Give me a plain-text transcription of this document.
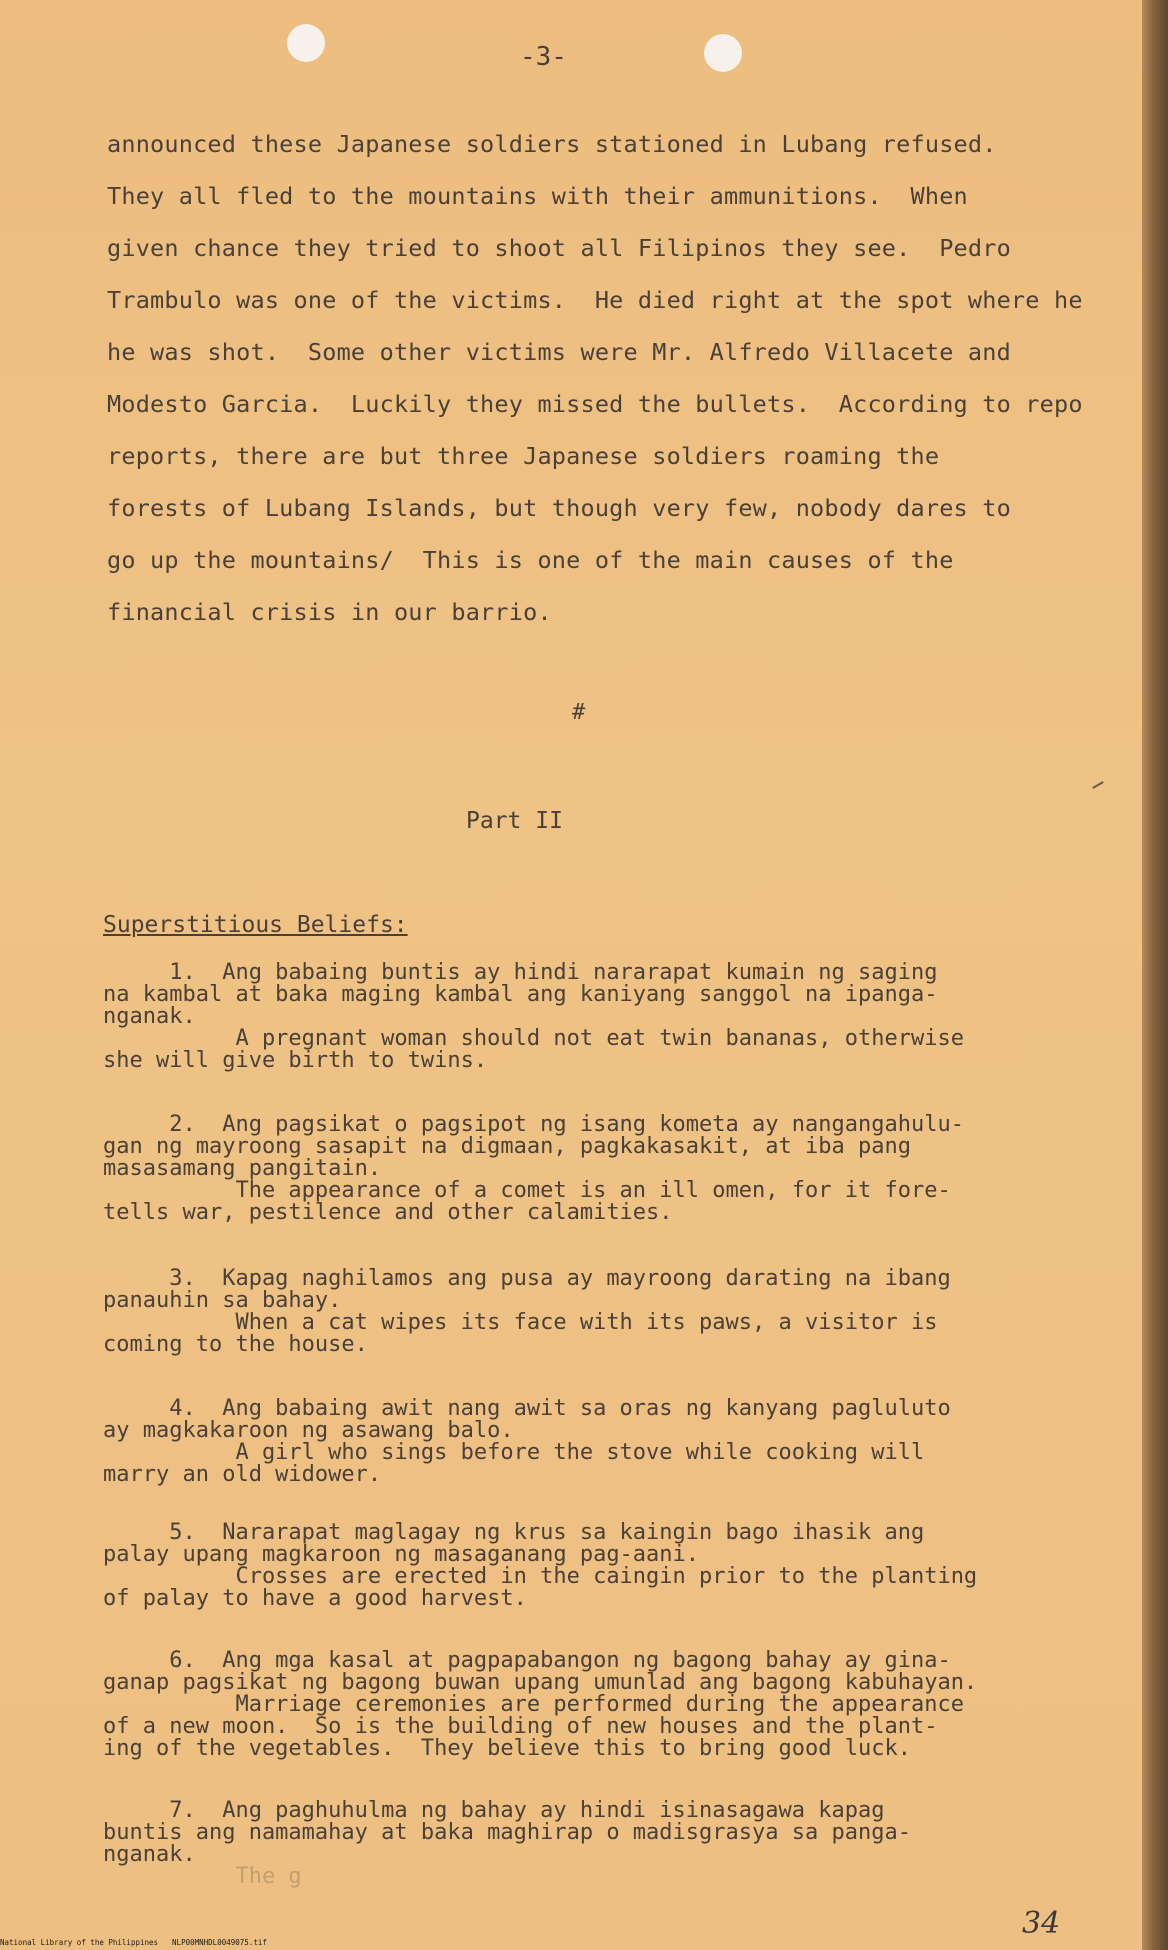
-3-
announced these Japanese soldiers stationed in Lubang refused.
They all fled to the mountains with their ammunitions.  When
given chance they tried to shoot all Filipinos they see.  Pedro
Trambulo was one of the victims.  He died right at the spot where he
he was shot.  Some other victims were Mr. Alfredo Villacete and
Modesto Garcia.  Luckily they missed the bullets.  According to repo
reports, there are but three Japanese soldiers roaming the
forests of Lubang Islands, but though very few, nobody dares to
go up the mountains/  This is one of the main causes of the
financial crisis in our barrio.
#
Part II
Superstitious Beliefs:
1.  Ang babaing buntis ay hindi nararapat kumain ng saging
na kambal at baka maging kambal ang kaniyang sanggol na ipanga-
nganak.
A pregnant woman should not eat twin bananas, otherwise
she will give birth to twins.
2.  Ang pagsikat o pagsipot ng isang kometa ay nangangahulu-
gan ng mayroong sasapit na digmaan, pagkakasakit, at iba pang
masasamang pangitain.
The appearance of a comet is an ill omen, for it fore-
tells war, pestilence and other calamities.
3.  Kapag naghilamos ang pusa ay mayroong darating na ibang
panauhin sa bahay.
When a cat wipes its face with its paws, a visitor is
coming to the house.
4.  Ang babaing awit nang awit sa oras ng kanyang pagluluto
ay magkakaroon ng asawang balo.
A girl who sings before the stove while cooking will
marry an old widower.
5.  Nararapat maglagay ng krus sa kaingin bago ihasik ang
palay upang magkaroon ng masaganang pag-aani.
Crosses are erected in the caingin prior to the planting
of palay to have a good harvest.
6.  Ang mga kasal at pagpapabangon ng bagong bahay ay gina-
ganap pagsikat ng bagong buwan upang umunlad ang bagong kabuhayan.
Marriage ceremonies are performed during the appearance
of a new moon.  So is the building of new houses and the plant-
ing of the vegetables.  They believe this to bring good luck.
7.  Ang paghuhulma ng bahay ay hindi isinasagawa kapag
buntis ang namamahay at baka maghirap o madisgrasya sa panga-
nganak.
The g
34
National Library of the Philippines NLP00MNHDL0049075.tif
